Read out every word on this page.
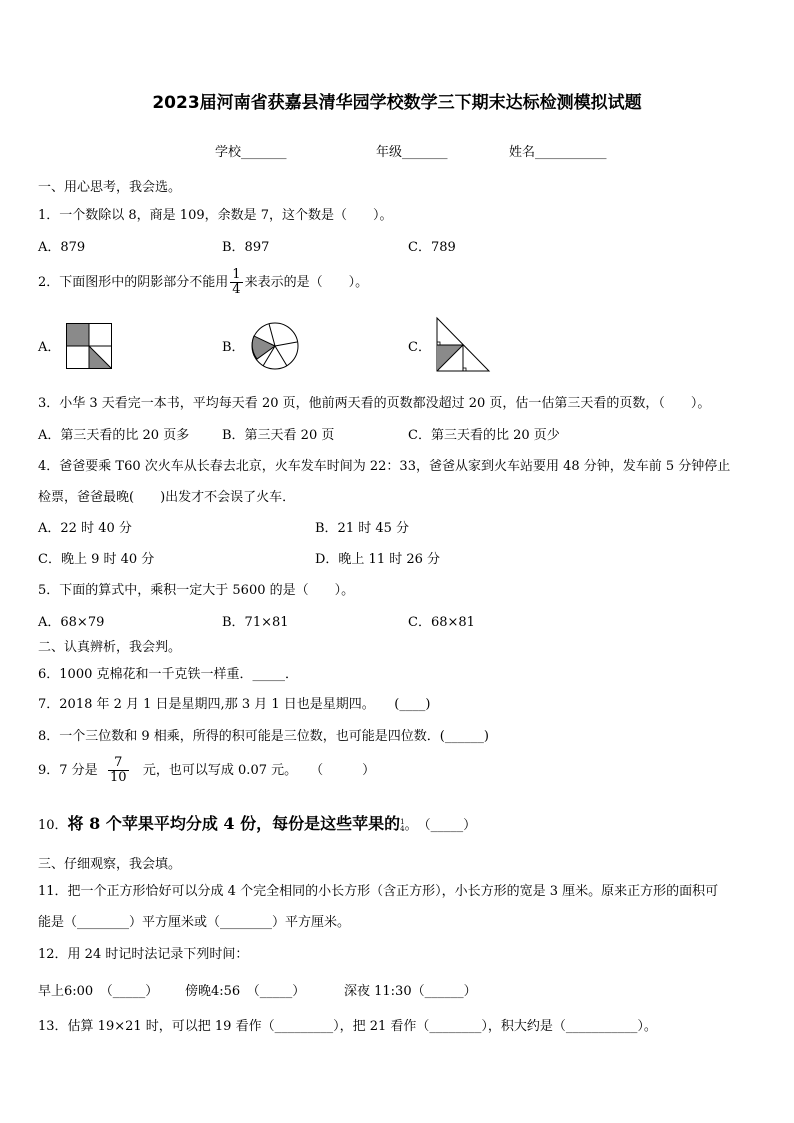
2023届河南省获嘉县清华园学校数学三下期末达标检测模拟试题
学校_______	年级_______	姓名___________
一、用心思考，我会选。
1．一个数除以 8，商是 109，余数是 7，这个数是（　　）。
A．879	B．897	C．789
2．下面图形中的阴影部分不能用 $\frac{1}{4}$ 来表示的是（　　）。
A．	B．	C．
3．小华 3 天看完一本书，平均每天看 20 页，他前两天看的页数都没超过 20 页，估一估第三天看的页数，（　　）。
A．第三天看的比 20 页多	B．第三天看 20 页	C．第三天看的比 20 页少
4．爸爸要乘 T60 次火车从长春去北京，火车发车时间为 22：33，爸爸从家到火车站要用 48 分钟，发车前 5 分钟停止
检票，爸爸最晚(　　)出发才不会误了火车．
A．22 时 40 分	B．21 时 45 分
C．晚上 9 时 40 分	D．晚上 11 时 26 分
5．下面的算式中，乘积一定大于 5600 的是（　　）。
A．68×79	B．71×81	C．68×81
二、认真辨析，我会判。
6．1000 克棉花和一千克铁一样重．_____．
7．2018 年 2 月 1 日是星期四,那 3 月 1 日也是星期四。　　(____)
8．一个三位数和 9 相乘，所得的积可能是三位数，也可能是四位数．(______)
9．7 分是 $\frac{7}{10}$ 元，也可以写成 0.07 元。　　（　　　）
10．将 8 个苹果平均分成 4 份，每份是这些苹果的 1
4 。　（_____）
三、仔细观察，我会填。
11．把一个正方形恰好可以分成 4 个完全相同的小长方形（含正方形），小长方形的宽是 3 厘米。原来正方形的面积可
能是（________）平方厘米或（________）平方厘米。
12．用 24 时记时法记录下列时间：
早上6:00　（_____） 傍晚4:56　（_____）	深夜 11:30（______）
13．估算 19×21 时，可以把 19 看作（_________），把 21 看作（________），积大约是（___________）。
